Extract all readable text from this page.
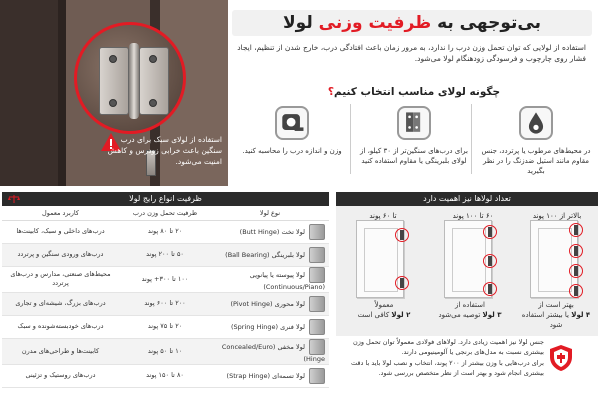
استفاده از لولای سبک برای درب سنگین باعث خرابی زودرس و کاهش امنیت می‌شود.
بی‌توجهی به ظرفیت وزنی لولا
استفاده از لولایی که توان تحمل وزن درب را ندارد، به مرور زمان باعث افتادگی درب، خارج شدن از تنظیم، ایجاد فشار روی چارچوب و فرسودگی زودهنگام لولا می‌شود.
چگونه لولای مناسب انتخاب کنیم؟
در محیط‌های مرطوب یا پرتردد، جنس مقاوم مانند استیل ضدزنگ را در نظر بگیرید
برای درب‌های سنگین‌تر از ۳۰ کیلو، از لولای بلبرینگی یا مقاوم استفاده کنید
وزن و اندازه درب را محاسبه کنید.
ظرفیت انواع رایج لولا
نوع لولا	ظرفیت تحمل وزن درب	کاربرد معمول
لولا تخت (Butt Hinge)	۲۰ تا ۸۰ پوند	درب‌های داخلی و سبک، کابینت‌ها
لولا بلبرینگی (Ball Bearing)	۵۰ تا ۲۰۰ پوند	درب‌های ورودی سنگین و پرتردد
لولا پیوسته یا پیانویی (Continuous/Piano)	۱۰۰ تا ۳۰۰+ پوند	محیط‌های صنعتی، مدارس و درب‌های پرتردد
لولا محوری (Pivot Hinge)	۲۰۰ تا ۶۰۰ پوند	درب‌های بزرگ، شیشه‌ای و تجاری
لولا فنری (Spring Hinge)	۲۰ تا ۷۵ پوند	درب‌های خودبسته‌شونده و سبک
لولا مخفی (Concealed/Euro Hinge)	۱۰ تا ۵۰ پوند	کابینت‌ها و طراحی‌های مدرن
لولا تسمه‌ای (Strap Hinge)	۸۰ تا ۱۵۰ پوند	درب‌های روستیک و تزئینی
تعداد لولاها نیز اهمیت دارد
بالاتر از ۱۰۰ پوند
۶۰ تا ۱۰۰ پوند
تا ۶۰ پوند
بهتر است از
۴ لولا یا بیشتر استفاده شود
استفاده از
۳ لولا توصیه می‌شود
معمولاً
۲ لولا کافی است

جنس لولا نیز اهمیت زیادی دارد. لولاهای فولادی معمولاً توان تحمل وزن بیشتری نسبت به مدل‌های برنجی یا آلومینیومی دارند.

برای درب‌هایی با وزن بیشتر از ۲۰۰ پوند، انتخاب و نصب لولا باید با دقت بیشتری انجام شود و بهتر است از نظر متخصص بررسی شود.
